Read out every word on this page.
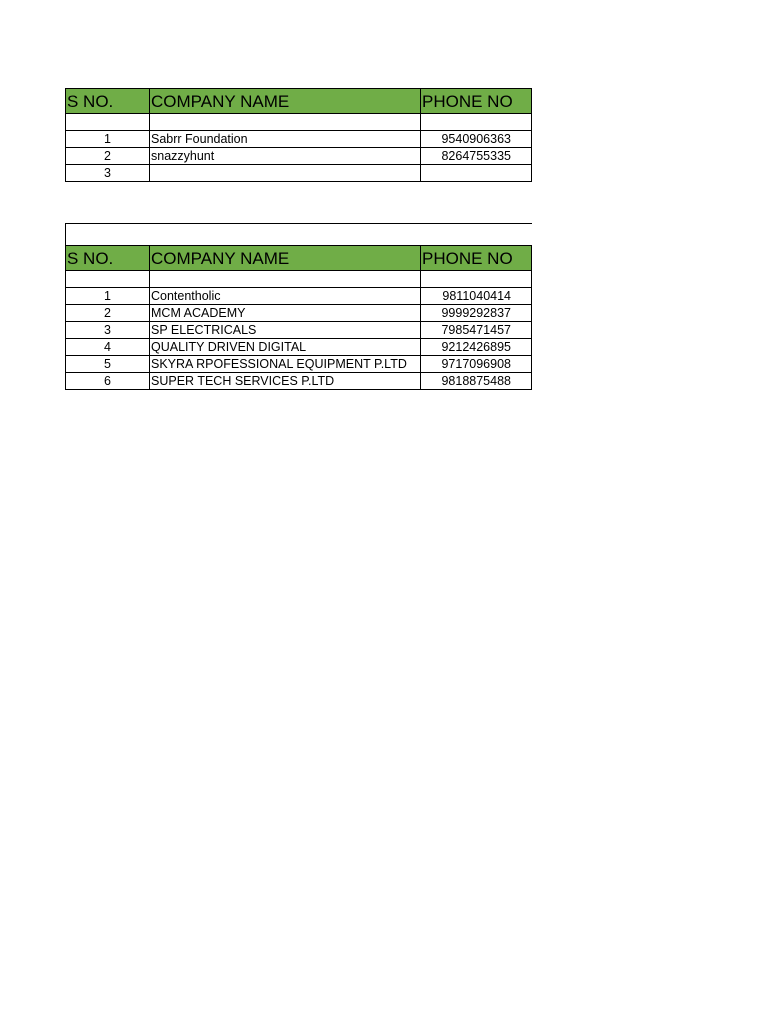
S NO.	COMPANY NAME	PHONE NO

1	Sabrr Foundation	9540906363
2	snazzyhunt	8264755335
3		

S NO.	COMPANY NAME	PHONE NO

1	Contentholic	9811040414
2	MCM ACADEMY	9999292837
3	SP ELECTRICALS	7985471457
4	QUALITY DRIVEN DIGITAL	9212426895
5	SKYRA RPOFESSIONAL EQUIPMENT P.LTD	9717096908
6	SUPER TECH SERVICES P.LTD	9818875488
